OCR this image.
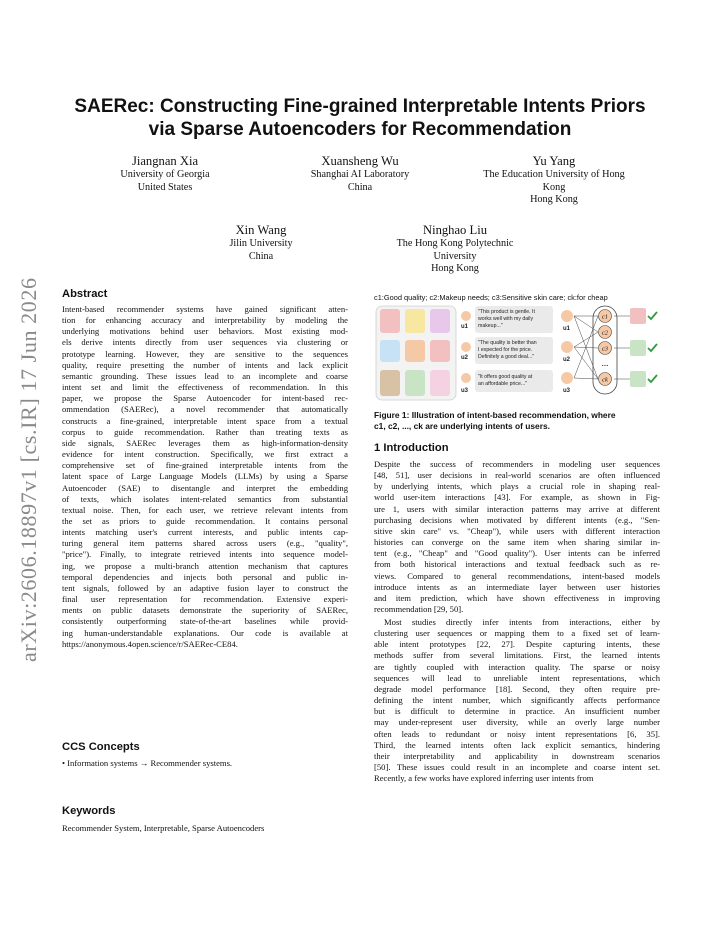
arXiv:2606.18897v1 [cs.IR] 17 Jun 2026
SAERec: Constructing Fine-grained Interpretable Intents Priors
via Sparse Autoencoders for Recommendation
Jiangnan Xia
University of Georgia
United States
Xuansheng Wu
Shanghai AI Laboratory
China
Yu Yang
The Education University of Hong
Kong
Hong Kong
Xin Wang
Jilin University
China
Ninghao Liu
The Hong Kong Polytechnic
University
Hong Kong
Abstract
Intent-based recommender systems have gained significant atten-
tion for enhancing accuracy and interpretability by modeling the
underlying motivations behind user behaviors. Most existing mod-
els derive intents directly from user sequences via clustering or
prototype learning. However, they are sensitive to the sequences
quality, require presetting the number of intents and lack explicit
semantic grounding. These issues lead to an incomplete and coarse
intent set and limit the effectiveness of recommendation. In this
paper, we propose the Sparse Autoencoder for intent-based rec-
ommendation (SAERec), a novel recommender that automatically
constructs a fine-grained, interpretable intent space from a textual
corpus to guide recommendation. Rather than treating texts as
side signals, SAERec leverages them as high-information-density
evidence for intent construction. Specifically, we first extract a
comprehensive set of fine-grained interpretable intents from the
latent space of Large Language Models (LLMs) by using a Sparse
Autoencoder (SAE) to disentangle and interpret the embedding
of texts, which isolates intent-related semantics from substantial
textual noise. Then, for each user, we retrieve relevant intents from
the set as priors to guide recommendation. It contains personal
intents matching user's current interests, and public intents cap-
turing general item patterns shared across users (e.g., "quality",
"price"). Finally, to integrate retrieved intents into sequence model-
ing, we propose a multi-branch attention mechanism that captures
temporal dependencies and injects both personal and public in-
tent signals, followed by an adaptive fusion layer to construct the
final user representation for recommendation. Extensive experi-
ments on public datasets demonstrate the superiority of SAERec,
consistently outperforming state-of-the-art baselines while provid-
ing human-understandable explanations. Our code is available at
https://anonymous.4open.science/r/SAERec-CE84.
CCS Concepts
• Information systems → Recommender systems.
Keywords
Recommender System, Interpretable, Sparse Autoencoders
c1:Good quality; c2:Makeup needs; c3:Sensitive skin care; ck:for cheap
u1
"This product is gentle. It
works well with my daily
makeup..."
u2
"The quality is better than
I expected for the price.
Definitely a good deal..."
u3
"It offers good quality at
an affordable price..."
u1
u2
u3
c1
c2
c3
...
ck
Figure 1: Illustration of intent-based recommendation, where
c1, c2, ..., ck are underlying intents of users.
1 Introduction
Despite the success of recommenders in modeling user sequences
[48, 51], user decisions in real-world scenarios are often influenced
by underlying intents, which plays a crucial role in shaping real-
world user-item interactions [43]. For example, as shown in Fig-
ure 1, users with similar interaction patterns may arrive at different
purchasing decisions when motivated by different intents (e.g., "Sen-
sitive skin care" vs. "Cheap"), while users with different interaction
histories can converge on the same item when sharing similar in-
tent (e.g., "Cheap" and "Good quality"). User intents can be inferred
from both historical interactions and textual feedback such as re-
views. Compared to general recommendations, intent-based models
introduce intents as an intermediate layer between user histories
and item prediction, which have shown effectiveness in improving
recommendation [29, 50].
Most studies directly infer intents from interactions, either by
clustering user sequences or mapping them to a fixed set of learn-
able intent prototypes [22, 27]. Despite capturing intents, these
methods suffer from several limitations. First, the learned intents
are tightly coupled with interaction quality. The sparse or noisy
sequences will lead to unreliable intent representations, which
degrade model performance [18]. Second, they often require pre-
defining the intent number, which significantly affects performance
but is difficult to determine in practice. An insufficient number
may under-represent user diversity, while an overly large number
often leads to redundant or noisy intent representations [6, 35].
Third, the learned intents often lack explicit semantics, hindering
their interpretability and applicability in downstream scenarios
[50]. These issues could result in an incomplete and coarse intent set.
Recently, a few works have explored inferring user intents from
